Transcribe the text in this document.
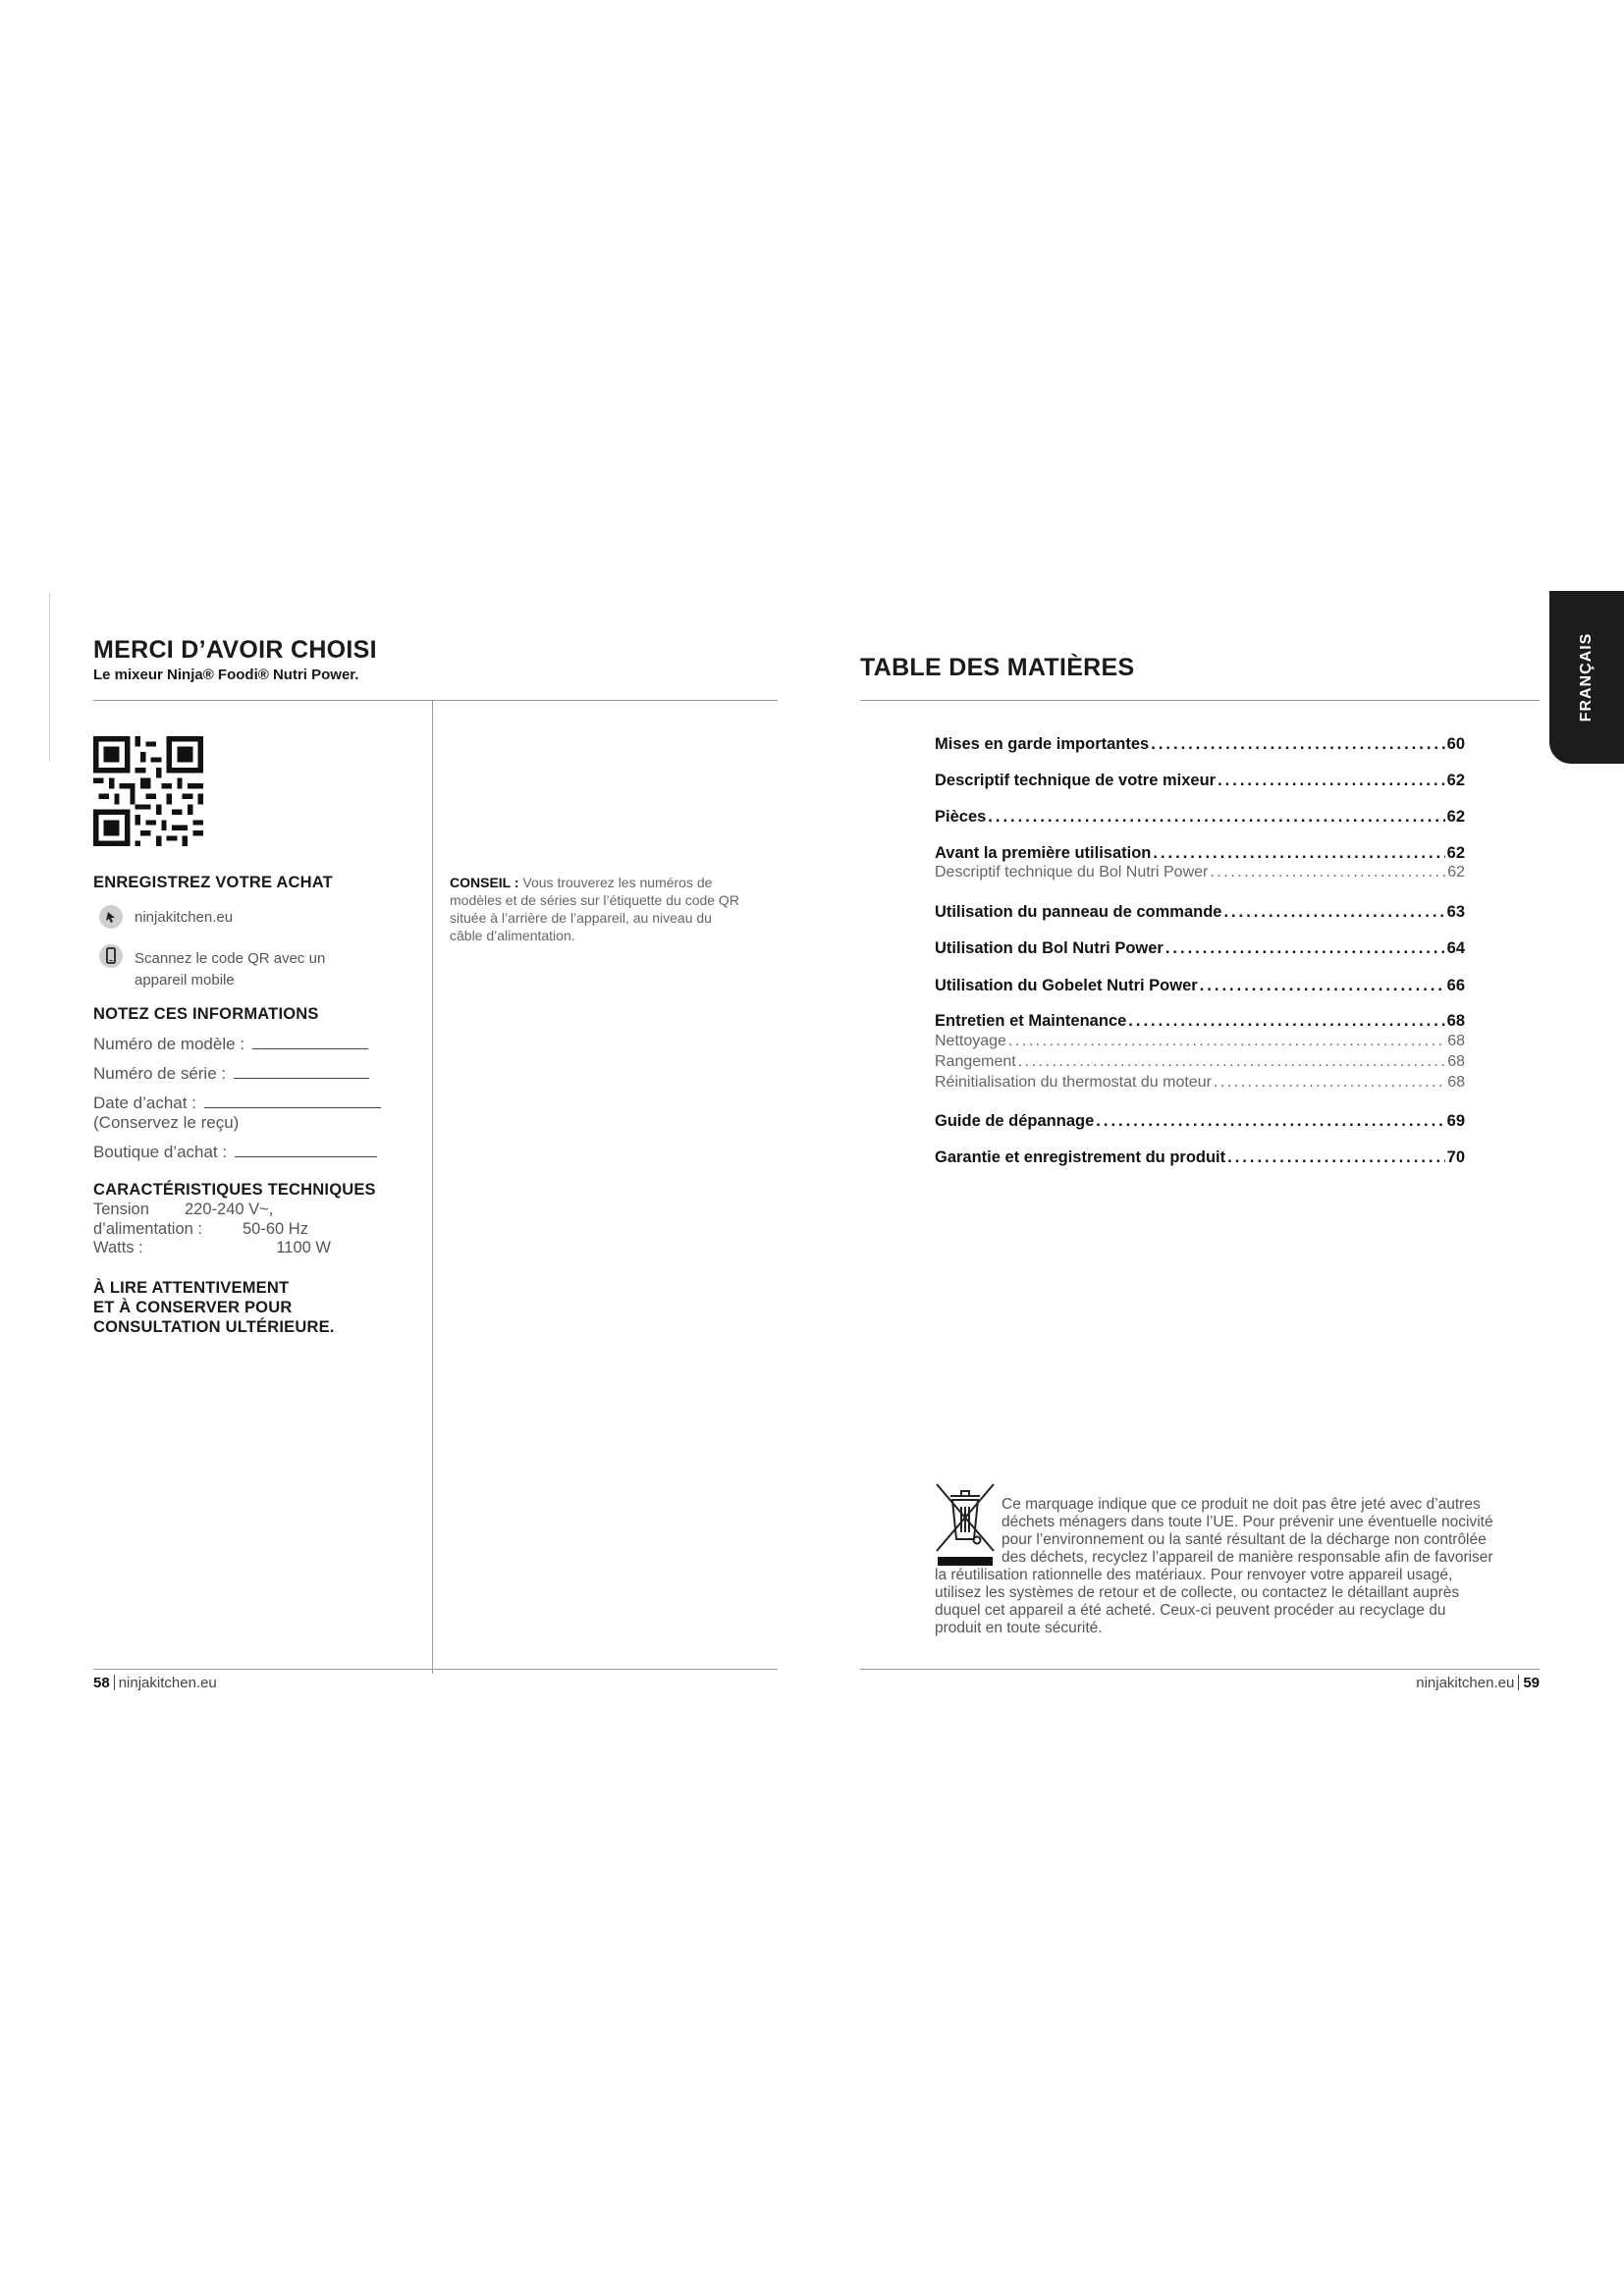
MERCI D’AVOIR CHOISI
Le mixeur Ninja® Foodi® Nutri Power.
ENREGISTREZ VOTRE ACHAT
ninjakitchen.eu
Scannez le code QR avec un appareil mobile
NOTEZ CES INFORMATIONS
Numéro de modèle :
Numéro de série :
Date d’achat :
(Conservez le reçu)
Boutique d’achat :
CARACTÉRISTIQUES TECHNIQUES
Tension d’alimentation :
220-240 V~,
50-60 Hz
Watts :	1100 W
À LIRE ATTENTIVEMENT
ET À CONSERVER POUR
CONSULTATION ULTÉRIEURE.
CONSEIL : Vous trouverez les numéros de modèles et de séries sur l’étiquette du code QR située à l’arrière de l’appareil, au niveau du câble d’alimentation.
58 ninjakitchen.eu
TABLE DES MATIÈRES	FRANÇAIS
Mises en garde importantes .....	60
Descriptif technique de votre mixeur .....	62
Pièces .....	62
Avant la première utilisation .....	62
Descriptif technique du Bol Nutri Power .....	62
Utilisation du panneau de commande .....	63
Utilisation du Bol Nutri Power .....	64
Utilisation du Gobelet Nutri Power .....	66
Entretien et Maintenance .....	68
Nettoyage .....	68
Rangement .....	68
Réinitialisation du thermostat du moteur .....	68
Guide de dépannage .....	69
Garantie et enregistrement du produit .....	70
Ce marquage indique que ce produit ne doit pas être jeté avec d’autres
déchets ménagers dans toute l’UE. Pour prévenir une éventuelle nocivité
pour l’environnement ou la santé résultant de la décharge non contrôlée
des déchets, recyclez l’appareil de manière responsable afin de favoriser
la réutilisation rationnelle des matériaux. Pour renvoyer votre appareil usagé,
utilisez les systèmes de retour et de collecte, ou contactez le détaillant auprès
duquel cet appareil a été acheté. Ceux-ci peuvent procéder au recyclage du
produit en toute sécurité.
ninjakitchen.eu 59
